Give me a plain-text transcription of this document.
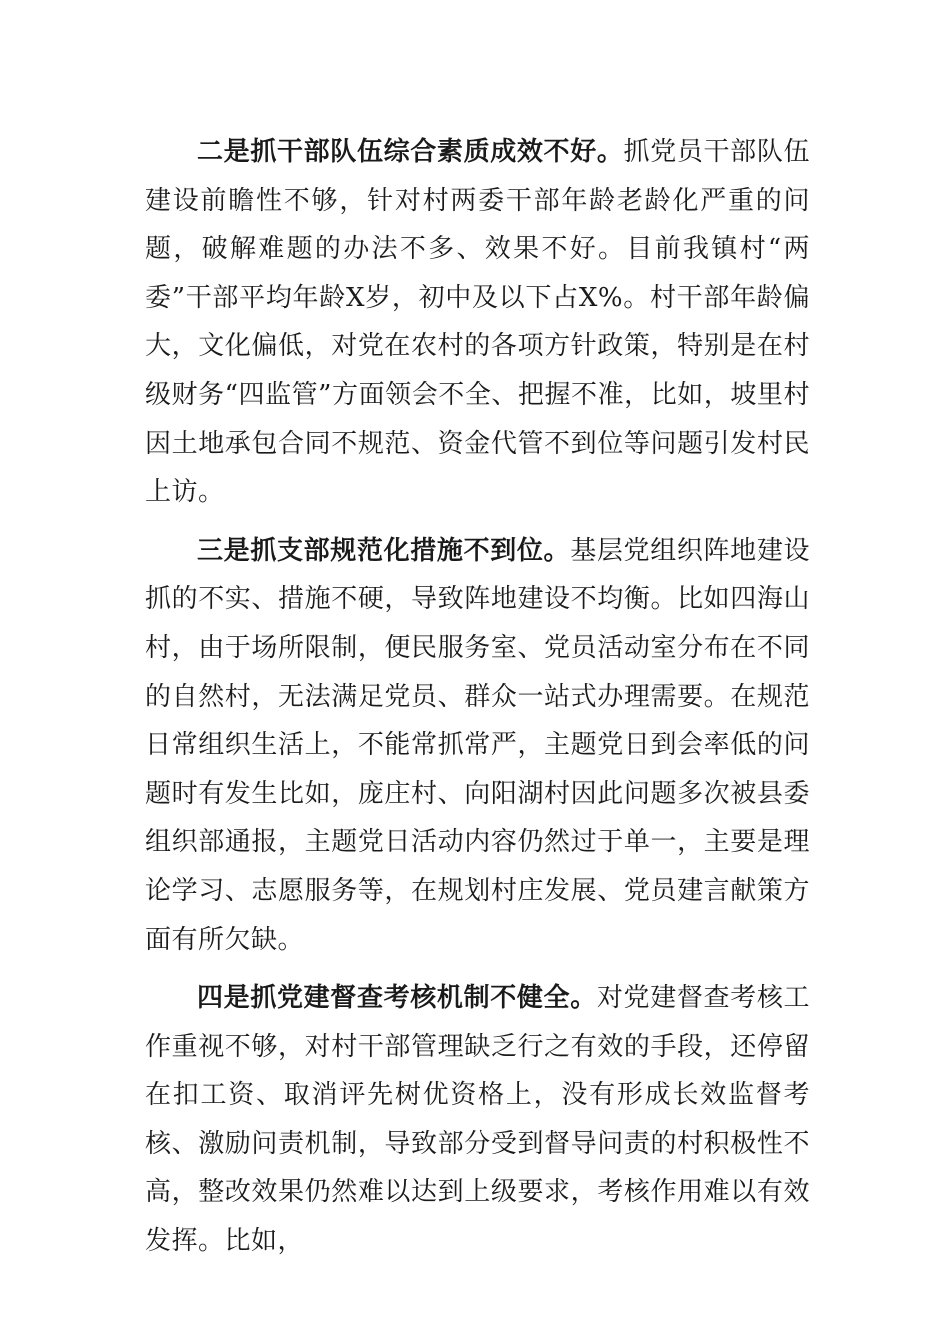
二是抓干部队伍综合素质成效不好。抓党员干部队伍建设前瞻性不够，针对村两委干部年龄老龄化严重的问题，破解难题的办法不多、效果不好。目前我镇村“两委”干部平均年龄X岁，初中及以下占X%。村干部年龄偏大，文化偏低，对党在农村的各项方针政策，特别是在村级财务“四监管”方面领会不全、把握不准，比如，坡里村因土地承包合同不规范、资金代管不到位等问题引发村民上访。

三是抓支部规范化措施不到位。基层党组织阵地建设抓的不实、措施不硬，导致阵地建设不均衡。比如四海山村，由于场所限制，便民服务室、党员活动室分布在不同的自然村，无法满足党员、群众一站式办理需要。在规范日常组织生活上，不能常抓常严，主题党日到会率低的问题时有发生比如，庞庄村、向阳湖村因此问题多次被县委组织部通报，主题党日活动内容仍然过于单一，主要是理论学习、志愿服务等，在规划村庄发展、党员建言献策方面有所欠缺。

四是抓党建督查考核机制不健全。对党建督查考核工作重视不够，对村干部管理缺乏行之有效的手段，还停留在扣工资、取消评先树优资格上，没有形成长效监督考核、激励问责机制，导致部分受到督导问责的村积极性不高，整改效果仍然难以达到上级要求，考核作用难以有效发挥。比如，
